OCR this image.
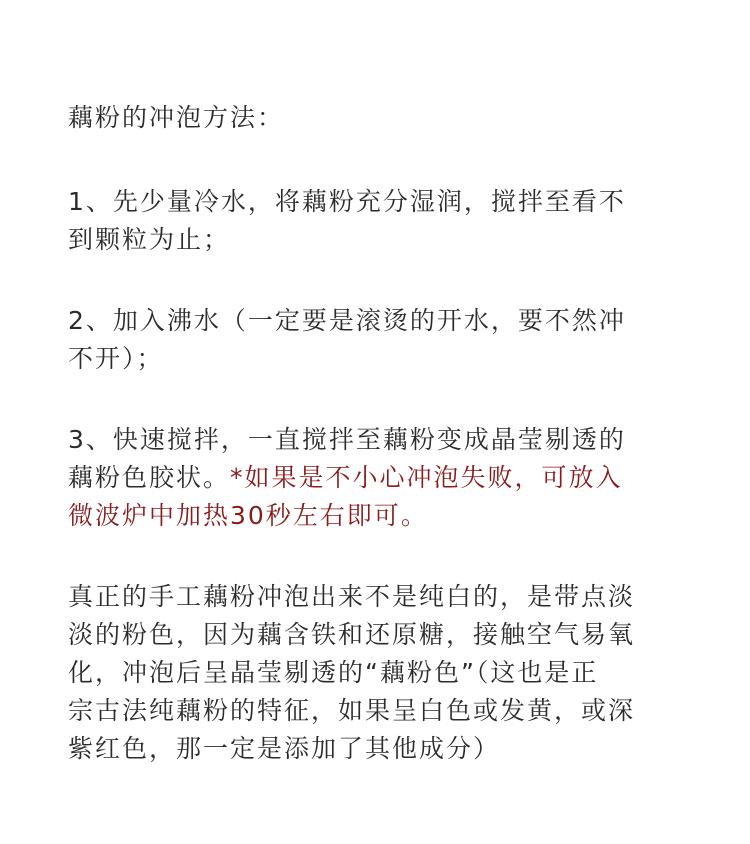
藕粉的冲泡方法：
1、先少量冷水，将藕粉充分湿润，搅拌至看不
到颗粒为止；
2、加入沸水（一定要是滚烫的开水，要不然冲
不开）；
3、快速搅拌，一直搅拌至藕粉变成晶莹剔透的
藕粉色胶状。*如果是不小心冲泡失败，可放入
微波炉中加热30秒左右即可。
真正的手工藕粉冲泡出来不是纯白的，是带点淡
淡的粉色，因为藕含铁和还原糖，接触空气易氧
化，冲泡后呈晶莹剔透的“藕粉色”（这也是正
宗古法纯藕粉的特征，如果呈白色或发黄，或深
紫红色，那一定是添加了其他成分）
